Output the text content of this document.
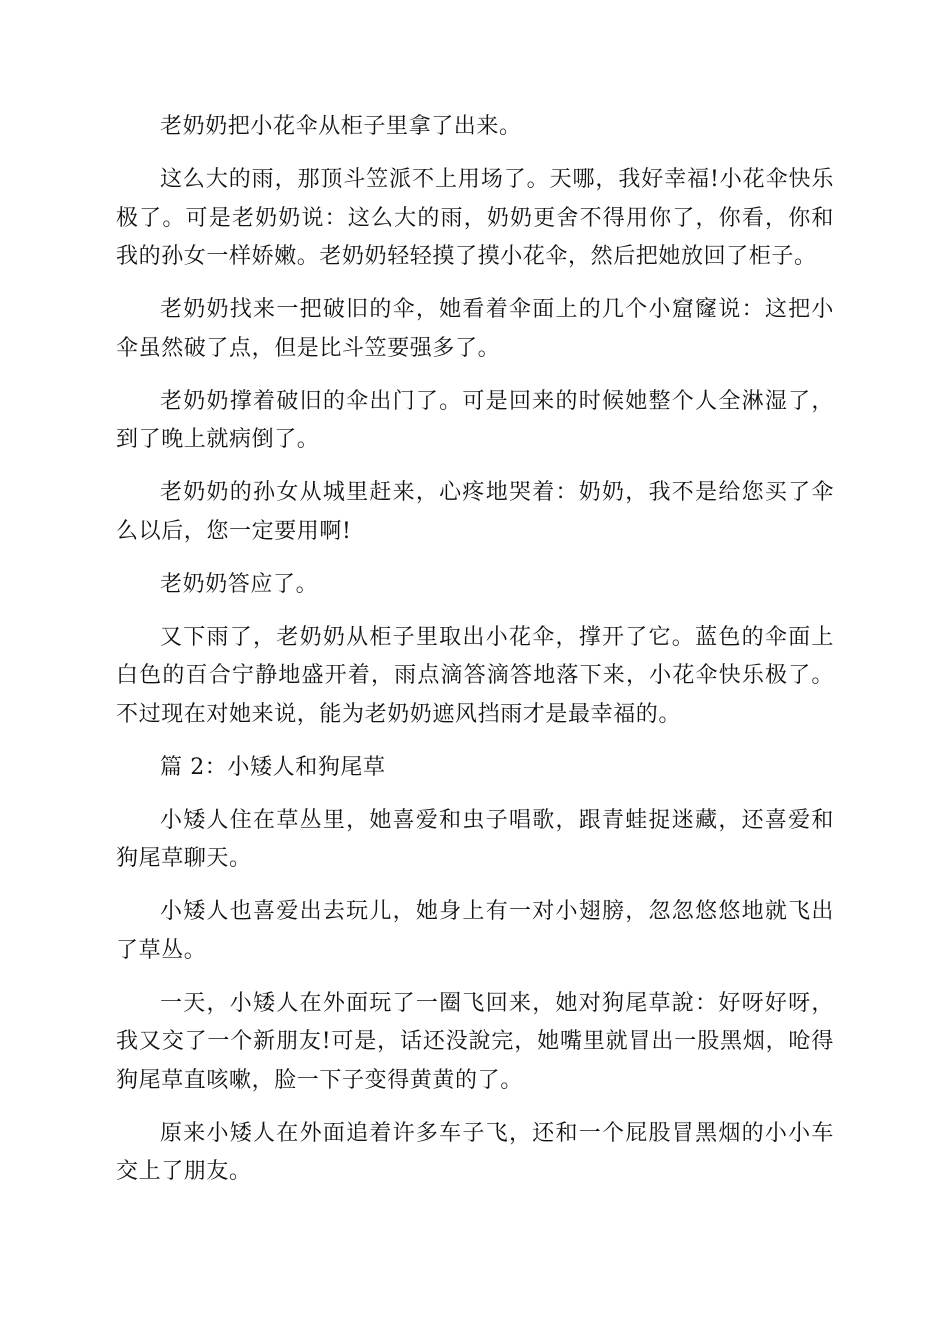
老奶奶把小花伞从柜子里拿了出来。

这么大的雨，那顶斗笠派不上用场了。天哪，我好幸福!小花伞快乐极了。可是老奶奶说：这么大的雨，奶奶更舍不得用你了，你看，你和我的孙女一样娇嫩。老奶奶轻轻摸了摸小花伞，然后把她放回了柜子。

老奶奶找来一把破旧的伞，她看着伞面上的几个小窟窿说：这把小伞虽然破了点，但是比斗笠要强多了。

老奶奶撑着破旧的伞出门了。可是回来的时候她整个人全淋湿了，到了晚上就病倒了。

老奶奶的孙女从城里赶来，心疼地哭着：奶奶，我不是给您买了伞么以后，您一定要用啊!

老奶奶答应了。

又下雨了，老奶奶从柜子里取出小花伞，撑开了它。蓝色的伞面上白色的百合宁静地盛开着，雨点滴答滴答地落下来，小花伞快乐极了。不过现在对她来说，能为老奶奶遮风挡雨才是最幸福的。

篇 2：小矮人和狗尾草

小矮人住在草丛里，她喜爱和虫子唱歌，跟青蛙捉迷藏，还喜爱和狗尾草聊天。

小矮人也喜爱出去玩儿，她身上有一对小翅膀，忽忽悠悠地就飞出了草丛。

一天，小矮人在外面玩了一圈飞回来，她对狗尾草說：好呀好呀，我又交了一个新朋友!可是，话还没說完，她嘴里就冒出一股黑烟，呛得狗尾草直咳嗽，脸一下子变得黄黄的了。

原来小矮人在外面追着许多车子飞，还和一个屁股冒黑烟的小小车交上了朋友。
